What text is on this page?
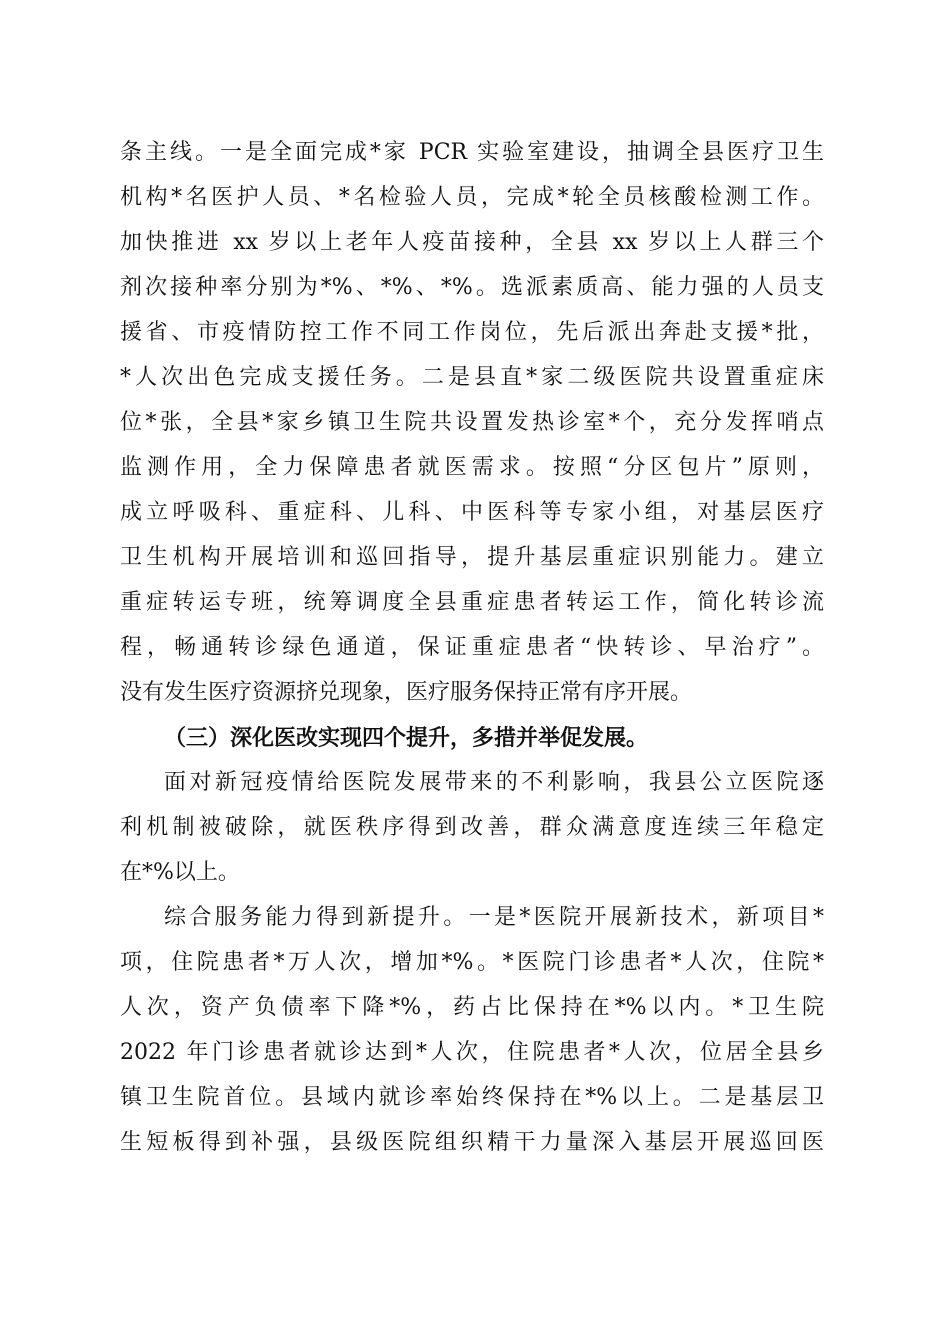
条主线。一是全面完成*家 PCR 实验室建设，抽调全县医疗卫生
机构*名医护人员、*名检验人员，完成*轮全员核酸检测工作。
加快推进 xx 岁以上老年人疫苗接种，全县 xx 岁以上人群三个
剂次接种率分别为*%、*%、*%。选派素质高、能力强的人员支
援省、市疫情防控工作不同工作岗位，先后派出奔赴支援*批，
*人次出色完成支援任务。二是县直*家二级医院共设置重症床
位*张，全县*家乡镇卫生院共设置发热诊室*个，充分发挥哨点
监测作用，全力保障患者就医需求。按照“分区包片”原则，
成立呼吸科、重症科、儿科、中医科等专家小组，对基层医疗
卫生机构开展培训和巡回指导，提升基层重症识别能力。建立
重症转运专班，统筹调度全县重症患者转运工作，简化转诊流
程，畅通转诊绿色通道，保证重症患者“快转诊、早治疗”。
没有发生医疗资源挤兑现象，医疗服务保持正常有序开展。
（三）深化医改实现四个提升，多措并举促发展。
面对新冠疫情给医院发展带来的不利影响，我县公立医院逐
利机制被破除，就医秩序得到改善，群众满意度连续三年稳定
在*%以上。
综合服务能力得到新提升。一是*医院开展新技术，新项目*
项，住院患者*万人次，增加*%。*医院门诊患者*人次，住院*
人次，资产负债率下降*%，药占比保持在*%以内。*卫生院
2022 年门诊患者就诊达到*人次，住院患者*人次，位居全县乡
镇卫生院首位。县域内就诊率始终保持在*%以上。二是基层卫
生短板得到补强，县级医院组织精干力量深入基层开展巡回医
